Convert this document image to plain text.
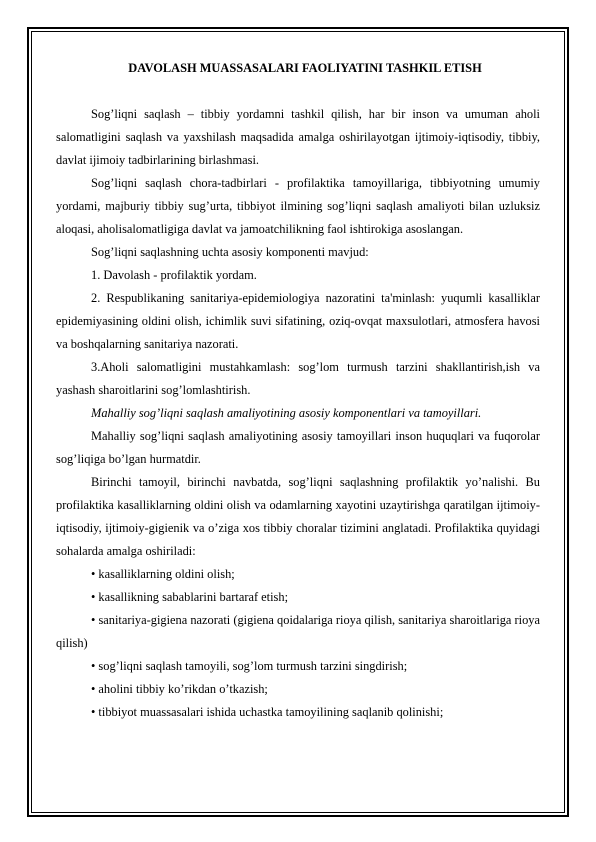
DAVOLASH MUASSASALARI FAOLIYATINI TASHKIL ETISH

Sog’liqni saqlash – tibbiy yordamni tashkil qilish, har bir inson va umuman aholi salomatligini saqlash va yaxshilash maqsadida amalga oshirilayotgan ijtimoiy-iqtisodiy, tibbiy, davlat ijimoiy tadbirlarining birlashmasi.

Sog’liqni saqlash chora-tadbirlari - profilaktika tamoyillariga, tibbiyotning umumiy yordami, majburiy tibbiy sug’urta, tibbiyot ilmining sog’liqni saqlash amaliyoti bilan uzluksiz aloqasi, aholisalomatligiga davlat va jamoatchilikning faol ishtirokiga asoslangan.

Sog’liqni saqlashning uchta asosiy komponenti mavjud:

1. Davolash - profilaktik yordam.

2. Respublikaning sanitariya-epidemiologiya nazoratini ta'minlash: yuqumli kasalliklar epidemiyasining oldini olish, ichimlik suvi sifatining, oziq-ovqat maxsulotlari, atmosfera havosi va boshqalarning sanitariya nazorati.

3.Aholi salomatligini mustahkamlash: sog’lom turmush tarzini shakllantirish,ish va yashash sharoitlarini sog’lomlashtirish.

Mahalliy sog’liqni saqlash amaliyotining asosiy komponentlari va tamoyillari.

Mahalliy sog’liqni saqlash amaliyotining asosiy tamoyillari inson huquqlari va fuqorolar sog’liqiga bo’lgan hurmatdir.

Birinchi tamoyil, birinchi navbatda, sog’liqni saqlashning profilaktik yo’nalishi. Bu profilaktika kasalliklarning oldini olish va odamlarning xayotini uzaytirishga qaratilgan ijtimoiy-iqtisodiy, ijtimoiy-gigienik va o’ziga xos tibbiy choralar tizimini anglatadi. Profilaktika quyidagi sohalarda amalga oshiriladi:

• kasalliklarning oldini olish;

• kasallikning sabablarini bartaraf etish;

• sanitariya-gigiena nazorati (gigiena qoidalariga rioya qilish, sanitariya sharoitlariga rioya qilish)

• sog’liqni saqlash tamoyili, sog’lom turmush tarzini singdirish;

• aholini tibbiy ko’rikdan o’tkazish;

• tibbiyot muassasalari ishida uchastka tamoyilining saqlanib qolinishi;
